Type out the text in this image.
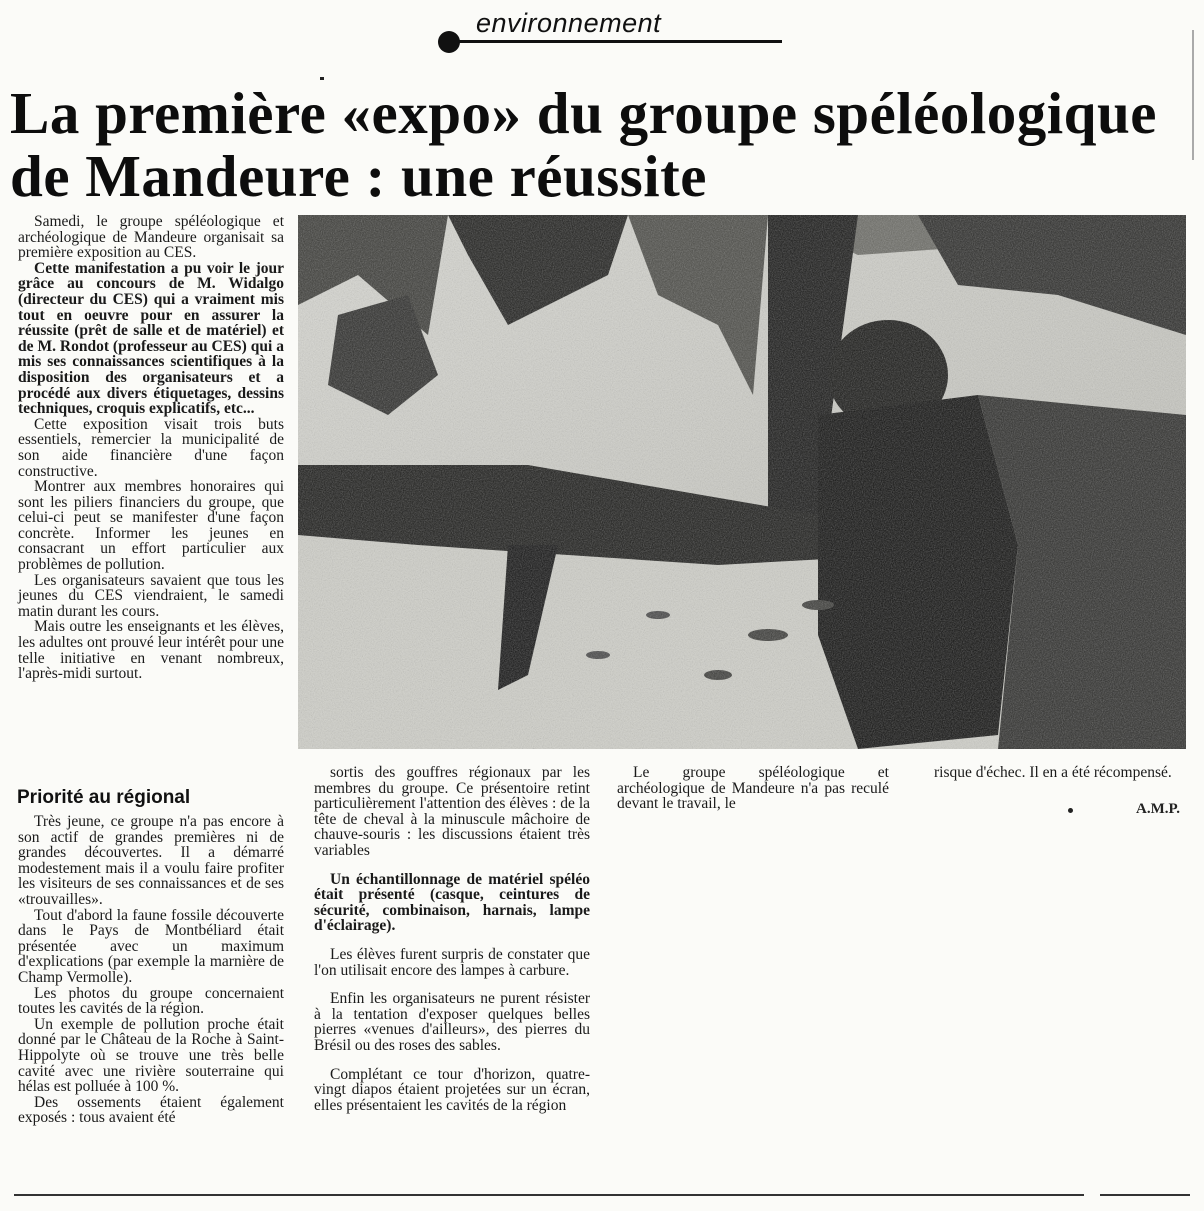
environnement
La première «expo» du groupe spéléologique
de Mandeure : une réussite

Samedi, le groupe spéléologique et archéologique de Mandeure organisait sa première exposition au CES.

Cette manifestation a pu voir le jour grâce au concours de M. Widalgo (directeur du CES) qui a vraiment mis tout en oeuvre pour en assurer la réussite (prêt de salle et de matériel) et de M. Rondot (professeur au CES) qui a mis ses connaissances scientifiques à la disposition des organisateurs et a procédé aux divers étiquetages, dessins techniques, croquis explicatifs, etc...

Cette exposition visait trois buts essentiels, remercier la municipalité de son aide financière d'une façon constructive.

Montrer aux membres honoraires qui sont les piliers financiers du groupe, que celui-ci peut se manifester d'une façon concrète. Informer les jeunes en consacrant un effort particulier aux problèmes de pollution.

Les organisateurs savaient que tous les jeunes du CES viendraient, le samedi matin durant les cours.

Mais outre les enseignants et les élèves, les adultes ont prouvé leur intérêt pour une telle initiative en venant nombreux, l'après-midi surtout.

Priorité au régional

Très jeune, ce groupe n'a pas encore à son actif de grandes premières ni de grandes découvertes. Il a démarré modestement mais il a voulu faire profiter les visiteurs de ses connaissances et de ses «trouvailles».

Tout d'abord la faune fossile découverte dans le Pays de Montbéliard était présentée avec un maximum d'explications (par exemple la marnière de Champ Vermolle).

Les photos du groupe concernaient toutes les cavités de la région.

Un exemple de pollution proche était donné par le Château de la Roche à Saint-Hippolyte où se trouve une très belle cavité avec une rivière souterraine qui hélas est polluée à 100 %.

Des ossements étaient également exposés : tous avaient été

sortis des gouffres régionaux par les membres du groupe. Ce présentoire retint particulièrement l'attention des élèves : de la tête de cheval à la minuscule mâchoire de chauve-souris : les discussions étaient très variables

Un échantillonnage de matériel spéléo était présenté (casque, ceintures de sécurité, combinaison, harnais, lampe d'éclairage).

Les élèves furent surpris de constater que l'on utilisait encore des lampes à carbure.

Enfin les organisateurs ne purent résister à la tentation d'exposer quelques belles pierres «venues d'ailleurs», des pierres du Brésil ou des roses des sables.

Complétant ce tour d'horizon, quatre-vingt diapos étaient projetées sur un écran, elles présentaient les cavités de la région

Le groupe spéléologique et archéologique de Mandeure n'a pas reculé devant le travail, le

risque d'échec. Il en a été récompensé.

A.M.P.
